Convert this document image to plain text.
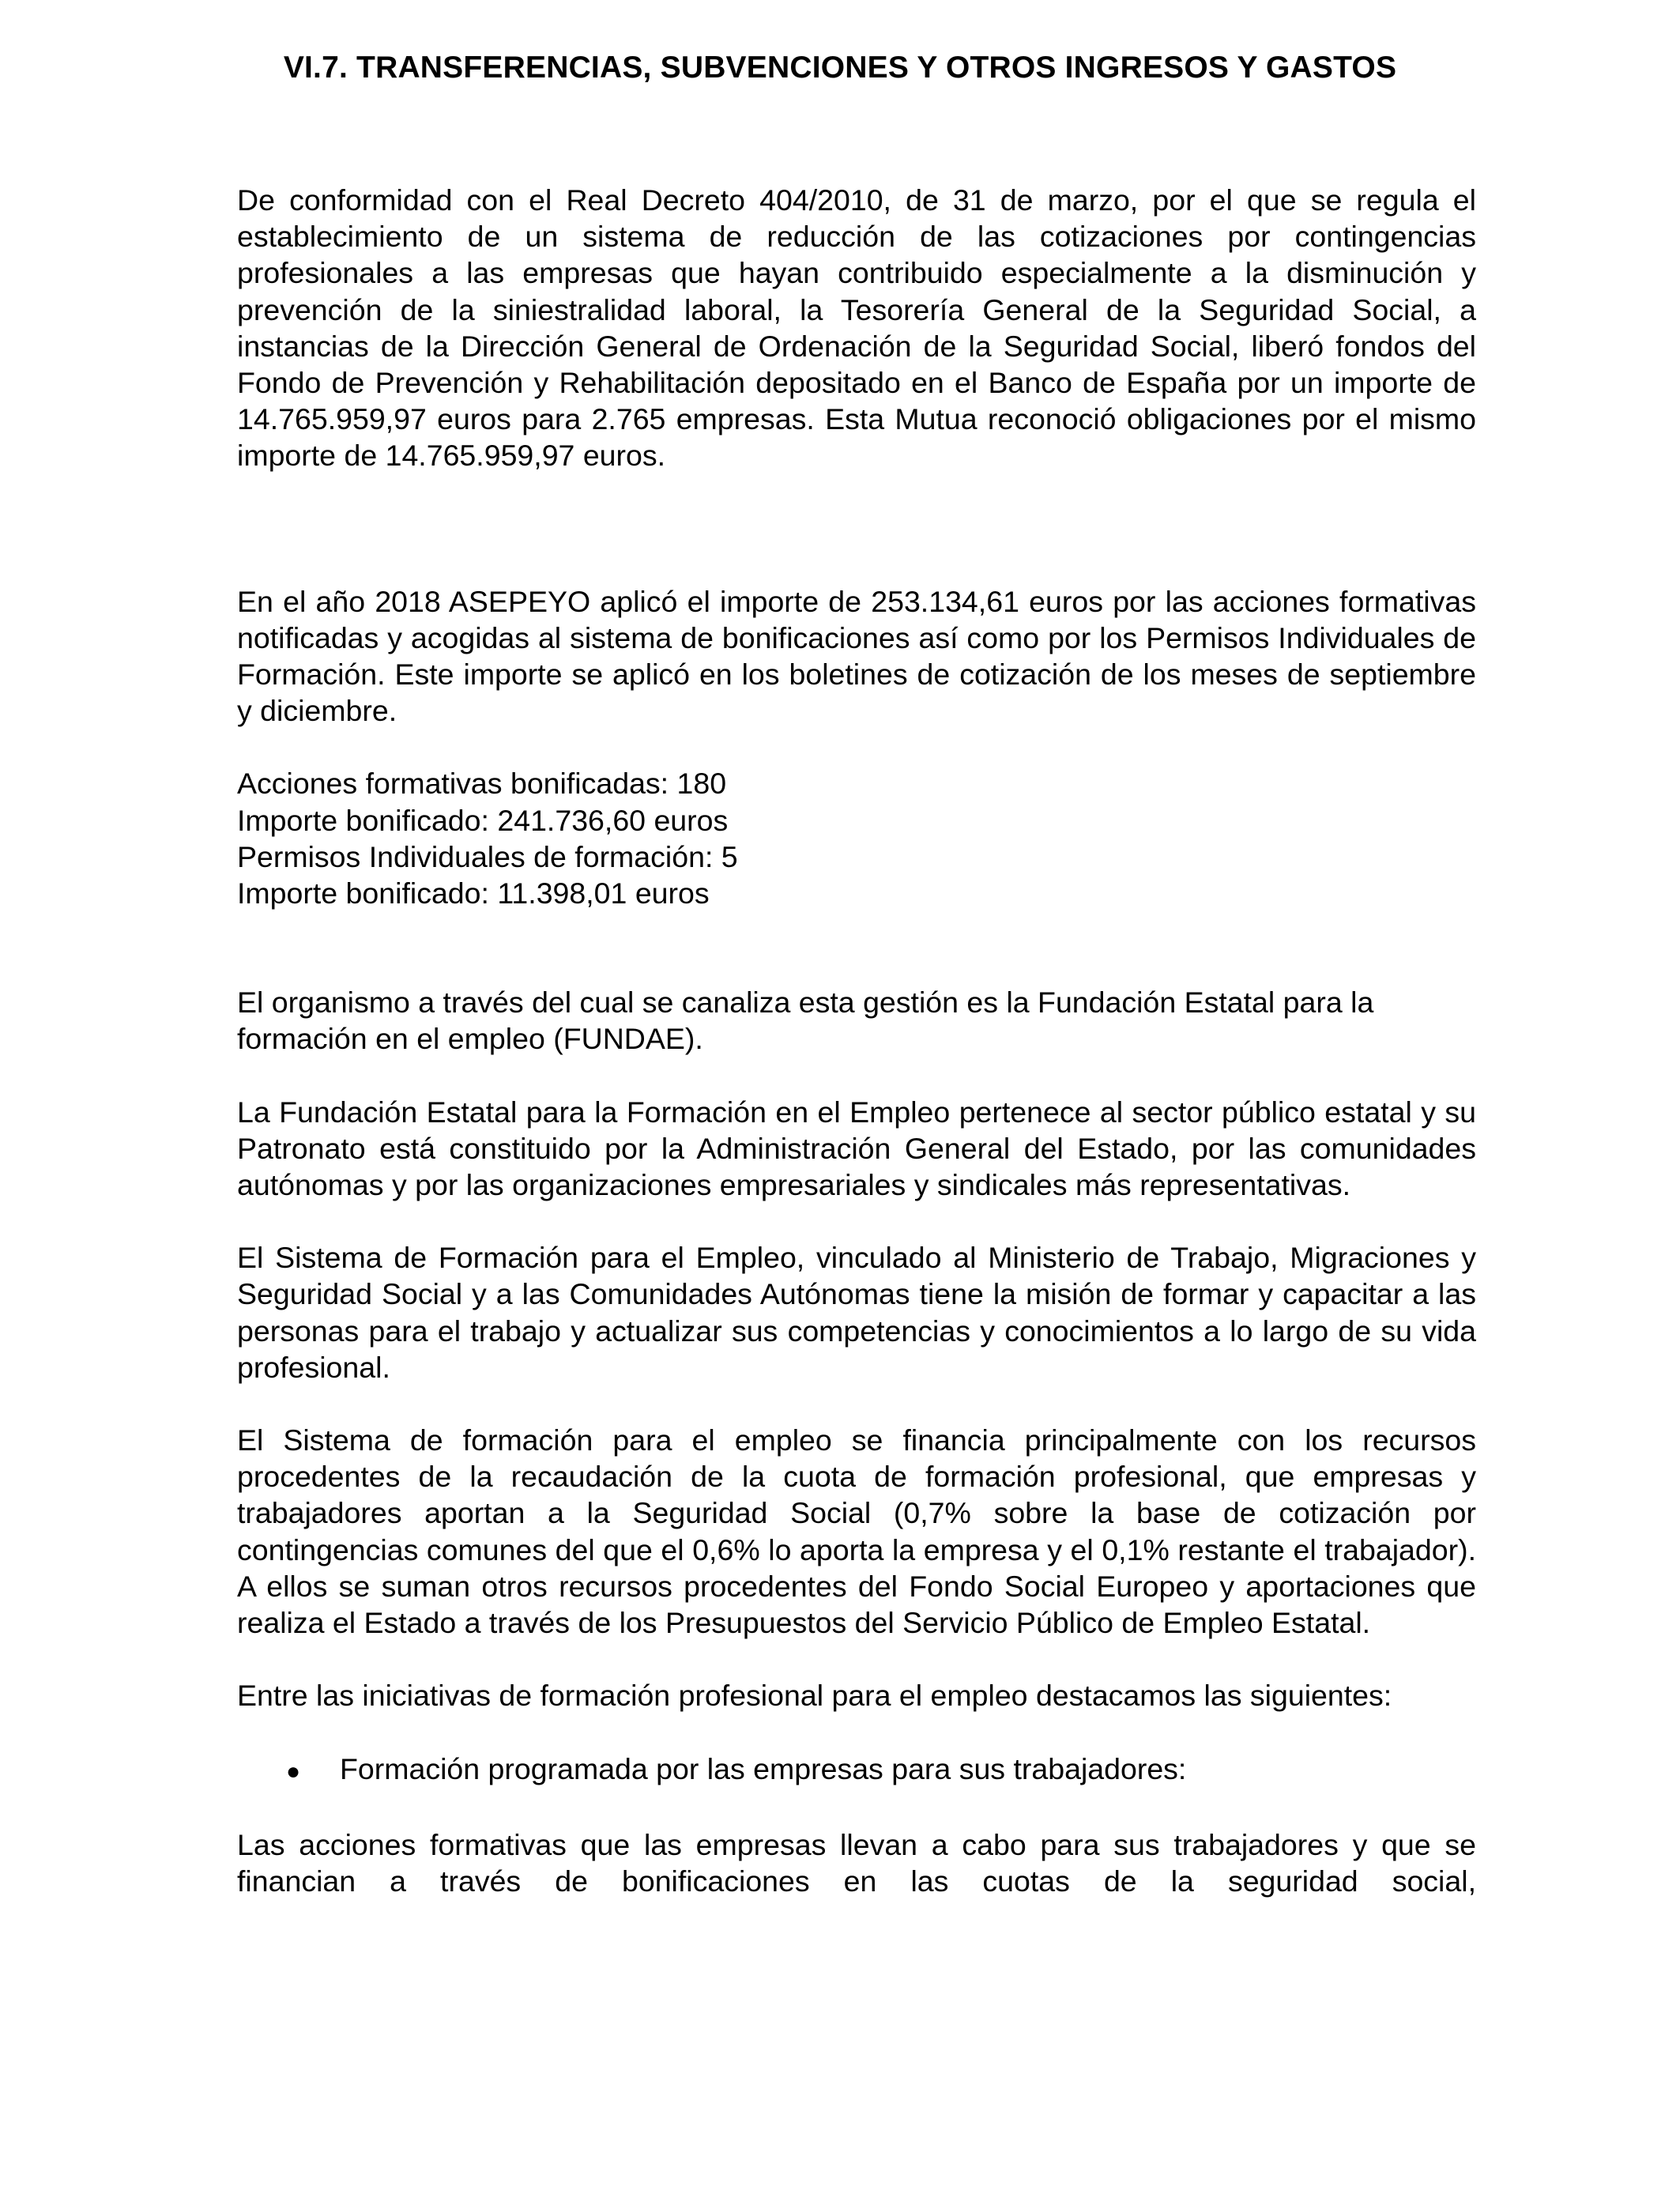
VI.7. TRANSFERENCIAS, SUBVENCIONES Y OTROS INGRESOS Y GASTOS

De conformidad con el Real Decreto 404/2010, de 31 de marzo, por el que se regula el establecimiento de un sistema de reducción de las cotizaciones por contingencias profesionales a las empresas que hayan contribuido especialmente a la disminución y prevención de la siniestralidad laboral, la Tesorería General de la Seguridad Social, a instancias de la Dirección General de Ordenación de la Seguridad Social, liberó fondos del Fondo de Prevención y Rehabilitación depositado en el Banco de España por un importe de 14.765.959,97 euros para 2.765 empresas. Esta Mutua reconoció obligaciones por el mismo importe de 14.765.959,97 euros.

En el año 2018 ASEPEYO aplicó el importe de 253.134,61 euros por las acciones formativas notificadas y acogidas al sistema de bonificaciones así como por los Permisos Individuales de Formación. Este importe se aplicó en los boletines de cotización de los meses de septiembre y diciembre.

Acciones formativas bonificadas: 180

Importe bonificado: 241.736,60 euros

Permisos Individuales de formación: 5

Importe bonificado: 11.398,01 euros

El organismo a través del cual se canaliza esta gestión es la Fundación Estatal para la formación en el empleo (FUNDAE).

La Fundación Estatal para la Formación en el Empleo pertenece al sector público estatal y su Patronato está constituido por la Administración General del Estado, por las comunidades autónomas y por las organizaciones empresariales y sindicales más representativas.

El Sistema de Formación para el Empleo, vinculado al Ministerio de Trabajo, Migraciones y Seguridad Social y a las Comunidades Autónomas tiene la misión de formar y capacitar a las personas para el trabajo y actualizar sus competencias y conocimientos a lo largo de su vida profesional.

El Sistema de formación para el empleo se financia principalmente con los recursos procedentes de la recaudación de la cuota de formación profesional, que empresas y trabajadores aportan a la Seguridad Social (0,7% sobre la base de cotización por contingencias comunes del que el 0,6% lo aporta la empresa y el 0,1% restante el trabajador). A ellos se suman otros recursos procedentes del Fondo Social Europeo y aportaciones que realiza el Estado a través de los Presupuestos del Servicio Público de Empleo Estatal.

Entre las iniciativas de formación profesional para el empleo destacamos las siguientes:

●	Formación programada por las empresas para sus trabajadores:

Las acciones formativas que las empresas llevan a cabo para sus trabajadores y que se financian a través de bonificaciones en las cuotas de la seguridad social,
